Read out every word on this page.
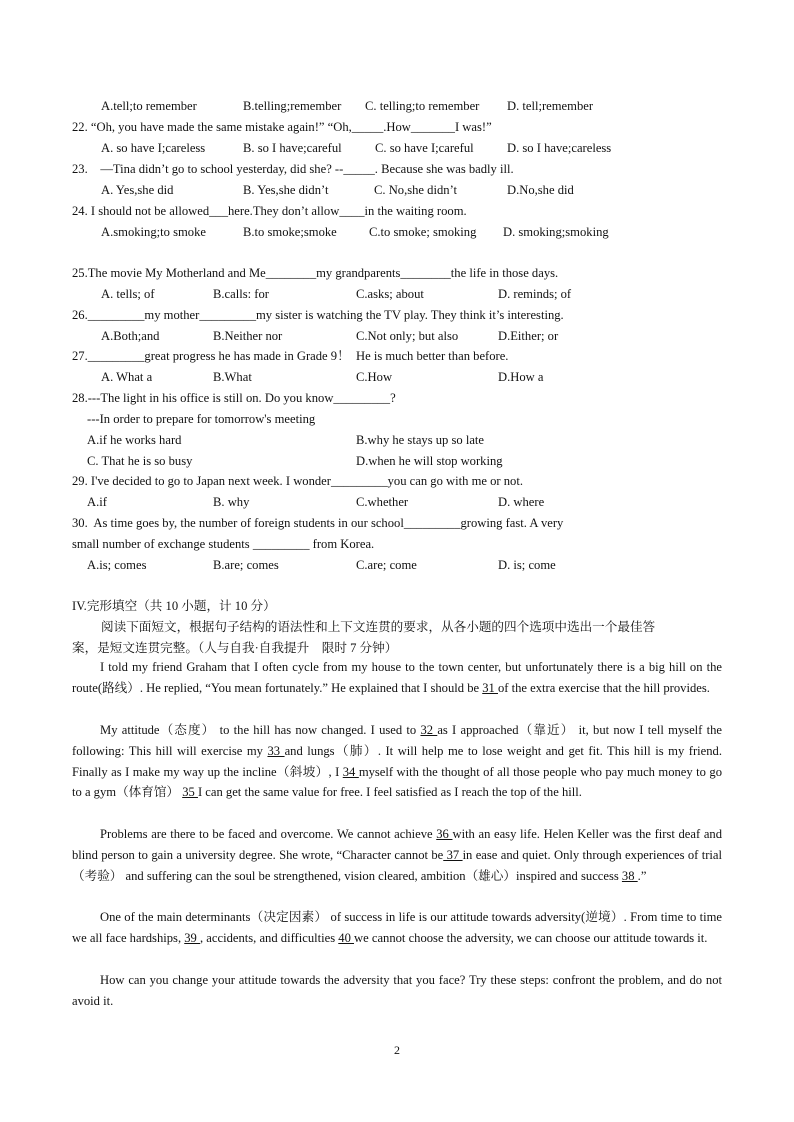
A.tell;to remember	B.telling;remember C. telling;to remember D. tell;remember
22. “Oh, you have made the same mistake again!” “Oh,_____.How_______I was!”
A. so have I;careless	B. so I have;careful	C. so have I;careful	D. so I have;careless
23.    —Tina didn’t go to school yesterday, did she? --_____. Because she was badly ill.
A. Yes,she did	B. Yes,she didn’t	C. No,she didn’t	D.No,she did
24. I should not be allowed___here.They don’t allow____in the waiting room.
A.smoking;to smoke	B.to smoke;smoke	C.to smoke; smoking D. smoking;smoking
25.The movie My Motherland and Me________my grandparents________the life in those days.
A. tells; of	B.calls: for	C.asks; about	D. reminds; of
26._________my mother_________my sister is watching the TV play. They think it’s interesting.
A.Both;and	B.Neither nor	C.Not only; but also	D.Either; or
27._________great progress he has made in Grade 9！  He is much better than before.
A. What a	B.What	C.How	D.How a
28.---The light in his office is still on. Do you know_________?
---In order to prepare for tomorrow's meeting
A.if he works hard	B.why he stays up so late
C. That he is so busy	D.when he will stop working
29. I've decided to go to Japan next week. I wonder_________you can go with me or not.
A.if	B. why	C.whether	D. where
30.  As time goes by, the number of foreign students in our school_________growing fast. A very
small number of exchange students _________ from Korea.
A.is; comes	B.are; comes	C.are; come	D. is; come
IV.完形填空（共 10 小题，计 10 分）
阅读下面短文，根据句子结构的语法性和上下文连贯的要求，从各小题的四个选项中选出一个最佳答
案，是短文连贯完整。（人与自我·自我提升    限时 7 分钟）

I told my friend Graham that I often cycle from my house to the town center, but unfortunately there is a big hill on the route(路线）. He replied, “You mean fortunately.” He explained that I should be 31 of the extra exercise that the hill provides.

My attitude（态度） to the hill has now changed. I used to 32 as I approached（靠近） it, but now I tell myself the following: This hill will exercise my 33 and lungs（肺）. It will help me to lose weight and get fit. This hill is my friend. Finally as I make my way up the incline（斜坡）, I 34 myself with the thought of all those people who pay much money to go to a gym（体育馆） 35 I can get the same value for free. I feel satisfied as I reach the top of the hill.

Problems are there to be faced and overcome. We cannot achieve 36 with an easy life. Helen Keller was the first deaf and blind person to gain a university degree. She wrote, “Character cannot be 37 in ease and quiet. Only through experiences of trial（考验） and suffering can the soul be strengthened, vision cleared, ambition（雄心）inspired and success 38 .”

One of the main determinants（决定因素） of success in life is our attitude towards adversity(逆境）. From time to time we all face hardships, 39 , accidents, and difficulties 40 we cannot choose the adversity, we can choose our attitude towards it.

How can you change your attitude towards the adversity that you face? Try these steps: confront the problem, and do not avoid it.

2
